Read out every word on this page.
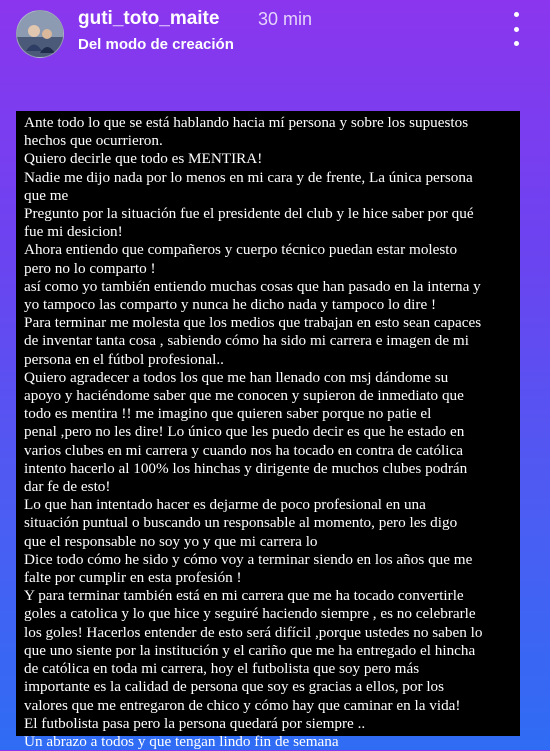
guti_toto_maite 30 min
Del modo de creación
Ante todo lo que se está hablando hacia mí persona y sobre los supuestos
hechos que ocurrieron.
Quiero decirle que todo es MENTIRA!
Nadie me dijo nada por lo menos en mi cara y de frente, La única persona
que me
Pregunto por la situación fue el presidente del club y le hice saber por qué
fue mi desicion!
Ahora entiendo que compañeros y cuerpo técnico puedan estar molesto
pero no lo comparto !
así como yo también entiendo muchas cosas que han pasado en la interna y
yo tampoco las comparto y nunca he dicho nada y tampoco lo dire !
Para terminar me molesta que los medios que trabajan en esto sean capaces
de inventar tanta cosa , sabiendo cómo ha sido mi carrera e imagen de mi
persona en el fútbol profesional..
Quiero agradecer a todos los que me han llenado con msj dándome su
apoyo y haciéndome saber que me conocen y supieron de inmediato que
todo es mentira !! me imagino que quieren saber porque no patie el
penal ,pero no les dire! Lo único que les puedo decir es que he estado en
varios clubes en mi carrera y cuando nos ha tocado en contra de católica
intento hacerlo al 100% los hinchas y dirigente de muchos clubes podrán
dar fe de esto!
Lo que han intentado hacer es dejarme de poco profesional en una
situación puntual o buscando un responsable al momento, pero les digo
que el responsable no soy yo y que mi carrera lo
Dice todo cómo he sido y cómo voy a terminar siendo en los años que me
falte por cumplir en esta profesión !
Y para terminar también está en mi carrera que me ha tocado convertirle
goles a catolica y lo que hice y seguiré haciendo siempre , es no celebrarle
los goles! Hacerlos entender de esto será difícil ,porque ustedes no saben lo
que uno siente por la institución y el cariño que me ha entregado el hincha
de católica en toda mi carrera, hoy el futbolista que soy pero más
importante es la calidad de persona que soy es gracias a ellos, por los
valores que me entregaron de chico y cómo hay que caminar en la vida!
El futbolista pasa pero la persona quedará por siempre ..
Un abrazo a todos y que tengan lindo fin de semana
